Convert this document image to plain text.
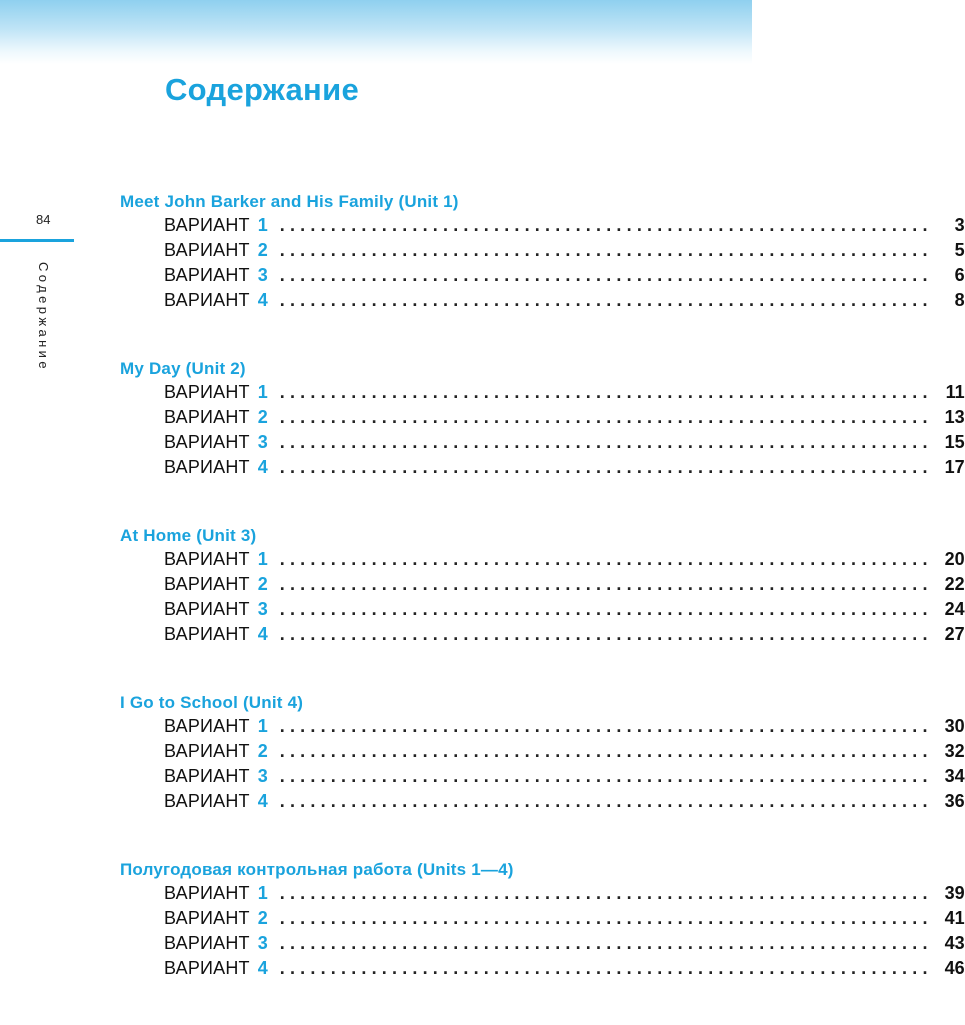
Содержание
84
Содержание
Meet John Barker and His Family (Unit 1)
ВАРИАНТ 1 ................................................................	3
ВАРИАНТ 2 ................................................................	5
ВАРИАНТ 3 ................................................................	6
ВАРИАНТ 4 ................................................................	8
My Day (Unit 2)
ВАРИАНТ 1 ................................................................ 11
ВАРИАНТ 2 ................................................................ 13
ВАРИАНТ 3 ................................................................ 15
ВАРИАНТ 4 ................................................................ 17
At Home (Unit 3)
ВАРИАНТ 1 ................................................................ 20
ВАРИАНТ 2 ................................................................ 22
ВАРИАНТ 3 ................................................................ 24
ВАРИАНТ 4 ................................................................ 27
I Go to School (Unit 4)
ВАРИАНТ 1 ................................................................ 30
ВАРИАНТ 2 ................................................................ 32
ВАРИАНТ 3 ................................................................ 34
ВАРИАНТ 4 ................................................................ 36
Полугодовая контрольная работа (Units 1—4)
ВАРИАНТ 1 ................................................................ 39
ВАРИАНТ 2 ................................................................ 41
ВАРИАНТ 3 ................................................................ 43
ВАРИАНТ 4 ................................................................ 46
